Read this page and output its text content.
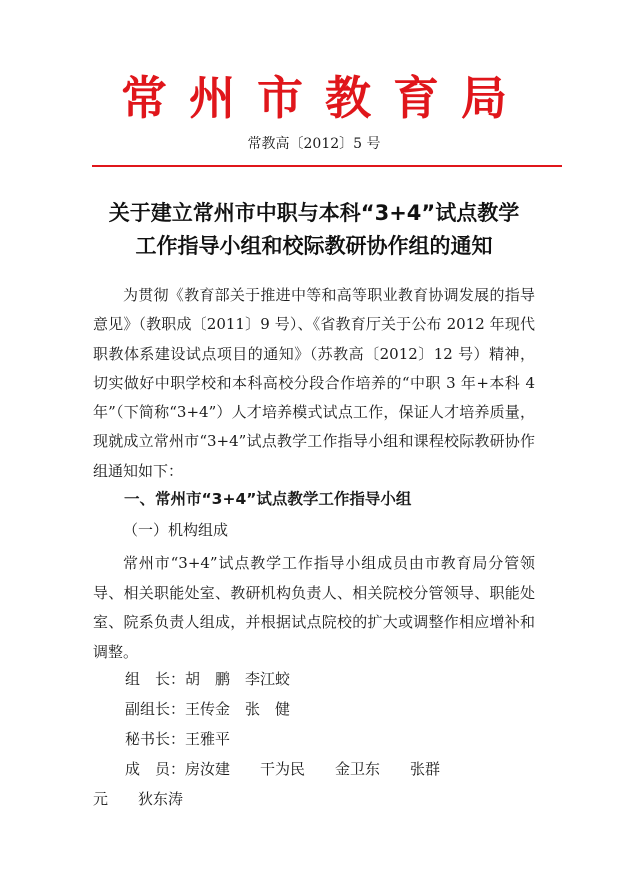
常州市教育局
常教高〔2012〕5 号
关于建立常州市中职与本科“3+4”试点教学
工作指导小组和校际教研协作组的通知

为贯彻《教育部关于推进中等和高等职业教育协调发展的指导意见》（教职成〔2011〕9 号）、《省教育厅关于公布 2012 年现代职教体系建设试点项目的通知》（苏教高〔2012〕12 号）精神，切实做好中职学校和本科高校分段合作培养的“中职 3 年+本科 4 年”（下简称“3+4”）人才培养模式试点工作，保证人才培养质量，现就成立常州市“3+4”试点教学工作指导小组和课程校际教研协作组通知如下：

一、常州市“3+4”试点教学工作指导小组
（一）机构组成

常州市“3+4”试点教学工作指导小组成员由市教育局分管领导、相关职能处室、教研机构负责人、相关院校分管领导、职能处室、院系负责人组成，并根据试点院校的扩大或调整作相应增补和调整。

组　长：胡　鹏　李江蛟
副组长：王传金　张　健
秘书长：王雅平
成　员：房汝建　　干为民　　金卫东　　张群
元　　狄东涛
